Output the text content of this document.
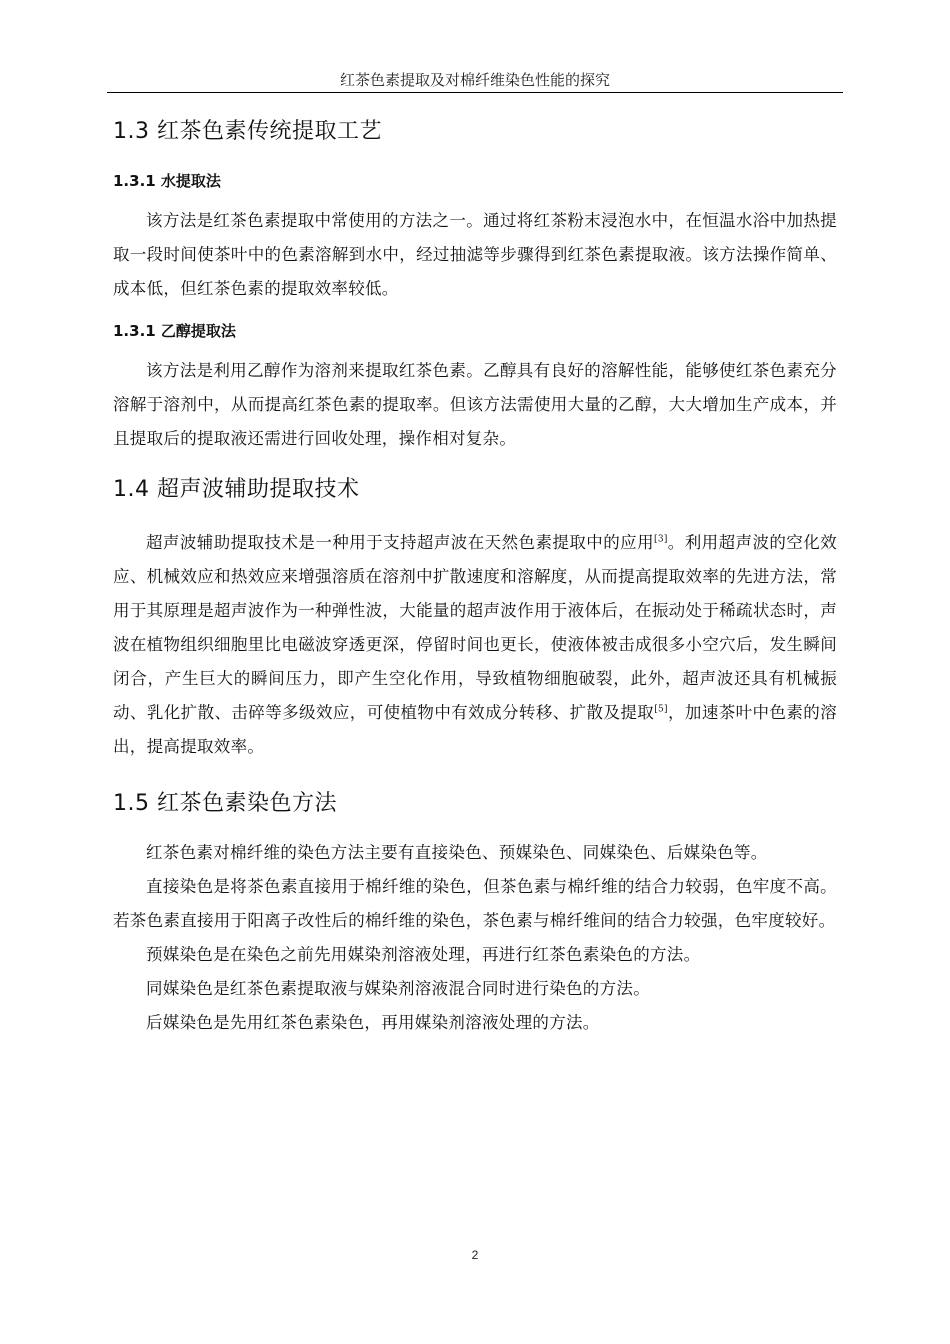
红茶色素提取及对棉纤维染色性能的探究
1.3 红茶色素传统提取工艺
1.3.1 水提取法

该方法是红茶色素提取中常使用的方法之一。通过将红茶粉末浸泡水中，在恒温水浴中加热提取一段时间使茶叶中的色素溶解到水中，经过抽滤等步骤得到红茶色素提取液。该方法操作简单、成本低，但红茶色素的提取效率较低。

1.3.1 乙醇提取法

该方法是利用乙醇作为溶剂来提取红茶色素。乙醇具有良好的溶解性能，能够使红茶色素充分溶解于溶剂中，从而提高红茶色素的提取率。但该方法需使用大量的乙醇，大大增加生产成本，并且提取后的提取液还需进行回收处理，操作相对复杂。

1.4 超声波辅助提取技术

超声波辅助提取技术是一种用于支持超声波在天然色素提取中的应用[3]。利用超声波的空化效应、机械效应和热效应来增强溶质在溶剂中扩散速度和溶解度，从而提高提取效率的先进方法，常用于其原理是超声波作为一种弹性波，大能量的超声波作用于液体后，在振动处于稀疏状态时，声波在植物组织细胞里比电磁波穿透更深，停留时间也更长，使液体被击成很多小空穴后，发生瞬间闭合，产生巨大的瞬间压力，即产生空化作用，导致植物细胞破裂，此外，超声波还具有机械振动、乳化扩散、击碎等多级效应，可使植物中有效成分转移、扩散及提取[5]，加速茶叶中色素的溶出，提高提取效率。

1.5 红茶色素染色方法

红茶色素对棉纤维的染色方法主要有直接染色、预媒染色、同媒染色、后媒染色等。

直接染色是将茶色素直接用于棉纤维的染色，但茶色素与棉纤维的结合力较弱，色牢度不高。若茶色素直接用于阳离子改性后的棉纤维的染色，茶色素与棉纤维间的结合力较强，色牢度较好。

预媒染色是在染色之前先用媒染剂溶液处理，再进行红茶色素染色的方法。

同媒染色是红茶色素提取液与媒染剂溶液混合同时进行染色的方法。

后媒染色是先用红茶色素染色，再用媒染剂溶液处理的方法。

2
